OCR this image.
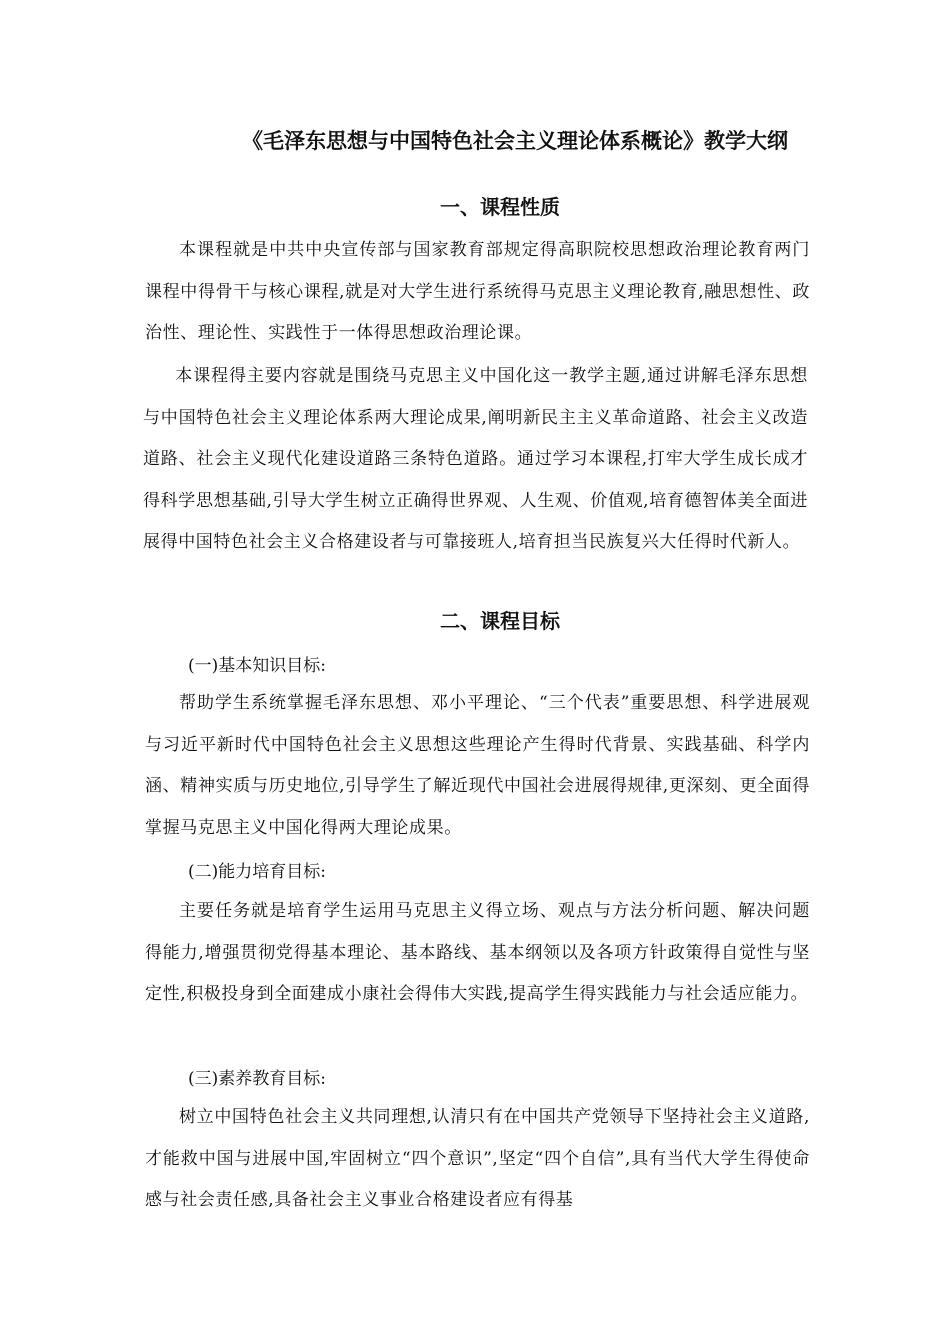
《毛泽东思想与中国特色社会主义理论体系概论》教学大纲
一、课程性质

本课程就是中共中央宣传部与国家教育部规定得高职院校思想政治理论教育两门课程中得骨干与核心课程,就是对大学生进行系统得马克思主义理论教育,融思想性、政治性、理论性、实践性于一体得思想政治理论课。

本课程得主要内容就是围绕马克思主义中国化这一教学主题,通过讲解毛泽东思想与中国特色社会主义理论体系两大理论成果,阐明新民主主义革命道路、社会主义改造道路、社会主义现代化建设道路三条特色道路。通过学习本课程,打牢大学生成长成才得科学思想基础,引导大学生树立正确得世界观、人生观、价值观,培育德智体美全面进展得中国特色社会主义合格建设者与可靠接班人,培育担当民族复兴大任得时代新人。

二、课程目标

(一)基本知识目标:

帮助学生系统掌握毛泽东思想、邓小平理论、“三个代表”重要思想、科学进展观与习近平新时代中国特色社会主义思想这些理论产生得时代背景、实践基础、科学内涵、精神实质与历史地位,引导学生了解近现代中国社会进展得规律,更深刻、更全面得掌握马克思主义中国化得两大理论成果。

(二)能力培育目标:

主要任务就是培育学生运用马克思主义得立场、观点与方法分析问题、解决问题得能力,增强贯彻党得基本理论、基本路线、基本纲领以及各项方针政策得自觉性与坚定性,积极投身到全面建成小康社会得伟大实践,提高学生得实践能力与社会适应能力。

(三)素养教育目标:

树立中国特色社会主义共同理想,认清只有在中国共产党领导下坚持社会主义道路,才能救中国与进展中国,牢固树立“四个意识”,坚定“四个自信”,具有当代大学生得使命感与社会责任感,具备社会主义事业合格建设者应有得基
